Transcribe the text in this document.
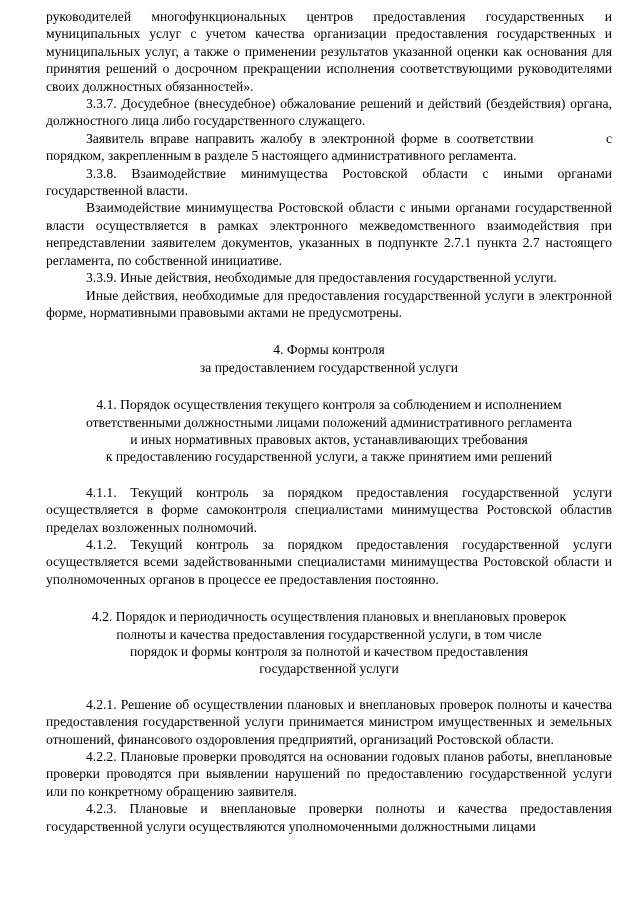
руководителей многофункциональных центров предоставления государственных и муниципальных услуг с учетом качества организации предоставления государственных и муниципальных услуг, а также о применении результатов указанной оценки как основания для принятия решений о досрочном прекращении исполнения соответствующими руководителями своих должностных обязанностей».

3.3.7. Досудебное (внесудебное) обжалование решений и действий (бездействия) органа, должностного лица либо государственного служащего.

Заявитель вправе направить жалобу в электронной форме в соответствии	с
порядком, закрепленным в разделе 5 настоящего административного регламента.

3.3.8. Взаимодействие минимущества Ростовской области с иными органами государственной власти.

Взаимодействие минимущества Ростовской области с иными органами государственной власти осуществляется в рамках электронного межведомственного взаимодействия при непредставлении заявителем документов, указанных в подпункте 2.7.1 пункта 2.7 настоящего регламента, по собственной инициативе.

3.3.9. Иные действия, необходимые для предоставления государственной услуги.

Иные действия, необходимые для предоставления государственной услуги в электронной форме, нормативными правовыми актами не предусмотрены.

4. Формы контроля
за предоставлением государственной услуги
4.1. Порядок осуществления текущего контроля за соблюдением и исполнением
ответственными должностными лицами положений административного регламента
и иных нормативных правовых актов, устанавливающих требования
к предоставлению государственной услуги, а также принятием ими решений

4.1.1. Текущий контроль за порядком предоставления государственной услуги осуществляется в форме самоконтроля специалистами минимущества Ростовской областив пределах возложенных полномочий.

4.1.2. Текущий контроль за порядком предоставления государственной услуги осуществляется всеми задействованными специалистами минимущества Ростовской области и уполномоченных органов в процессе ее предоставления постоянно.

4.2. Порядок и периодичность осуществления плановых и внеплановых проверок
полноты и качества предоставления государственной услуги, в том числе
порядок и формы контроля за полнотой и качеством предоставления
государственной услуги

4.2.1. Решение об осуществлении плановых и внеплановых проверок полноты и качества предоставления государственной услуги принимается министром имущественных и земельных отношений, финансового оздоровления предприятий, организаций Ростовской области.

4.2.2. Плановые проверки проводятся на основании годовых планов работы, внеплановые проверки проводятся при выявлении нарушений по предоставлению государственной услуги или по конкретному обращению заявителя.

4.2.3. Плановые и внеплановые проверки полноты и качества предоставления государственной услуги осуществляются уполномоченными должностными лицами
